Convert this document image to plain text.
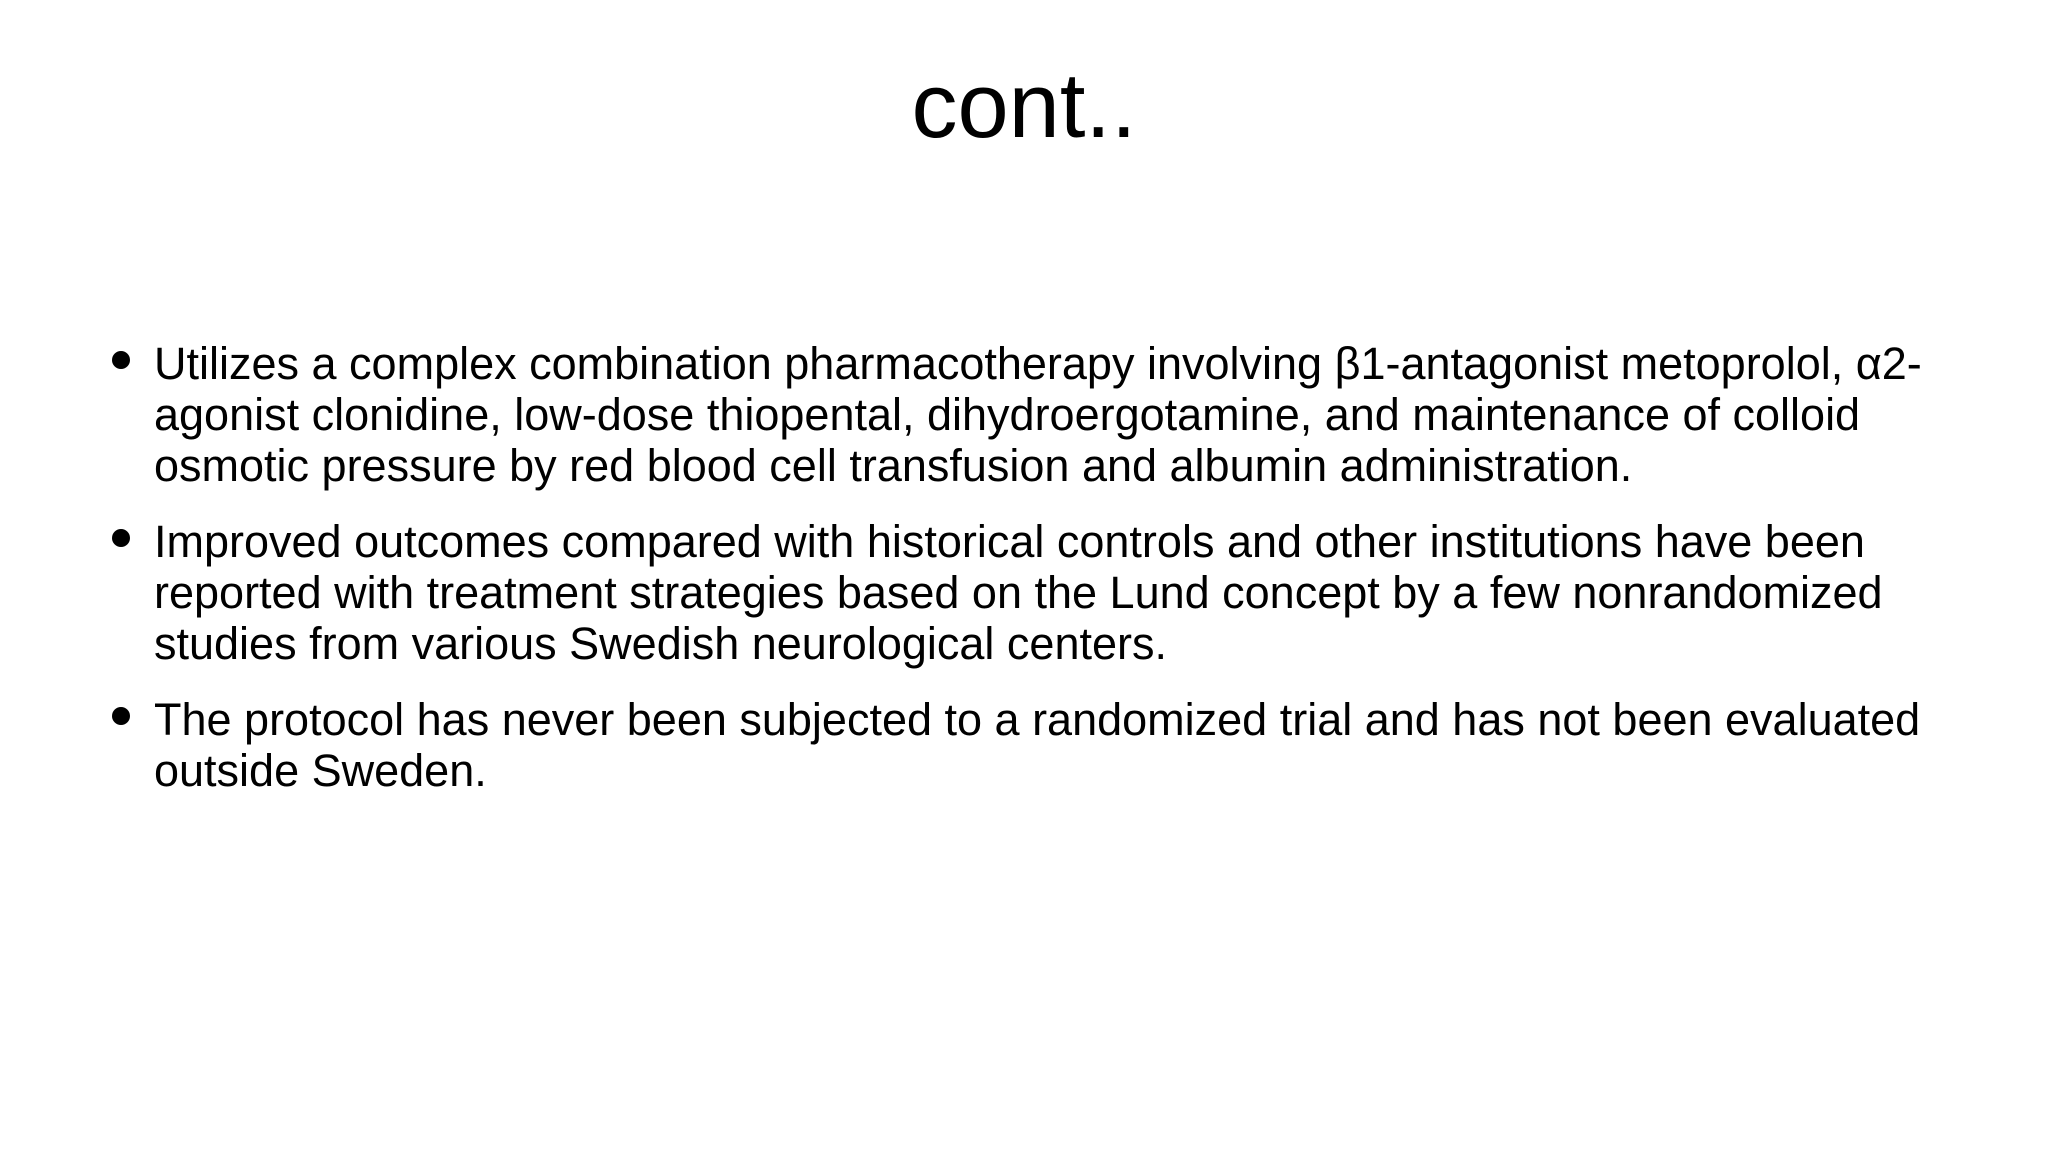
cont..
Utilizes a complex combination pharmacotherapy involving β1-antagonist metoprolol, α2-agonist clonidine, low-dose thiopental, dihydroergotamine, and maintenance of colloid osmotic pressure by red blood cell transfusion and albumin administration.
Improved outcomes compared with historical controls and other institutions have been reported with treatment strategies based on the Lund concept by a few nonrandomized studies from various Swedish neurological centers.
The protocol has never been subjected to a randomized trial and has not been evaluated outside Sweden.
